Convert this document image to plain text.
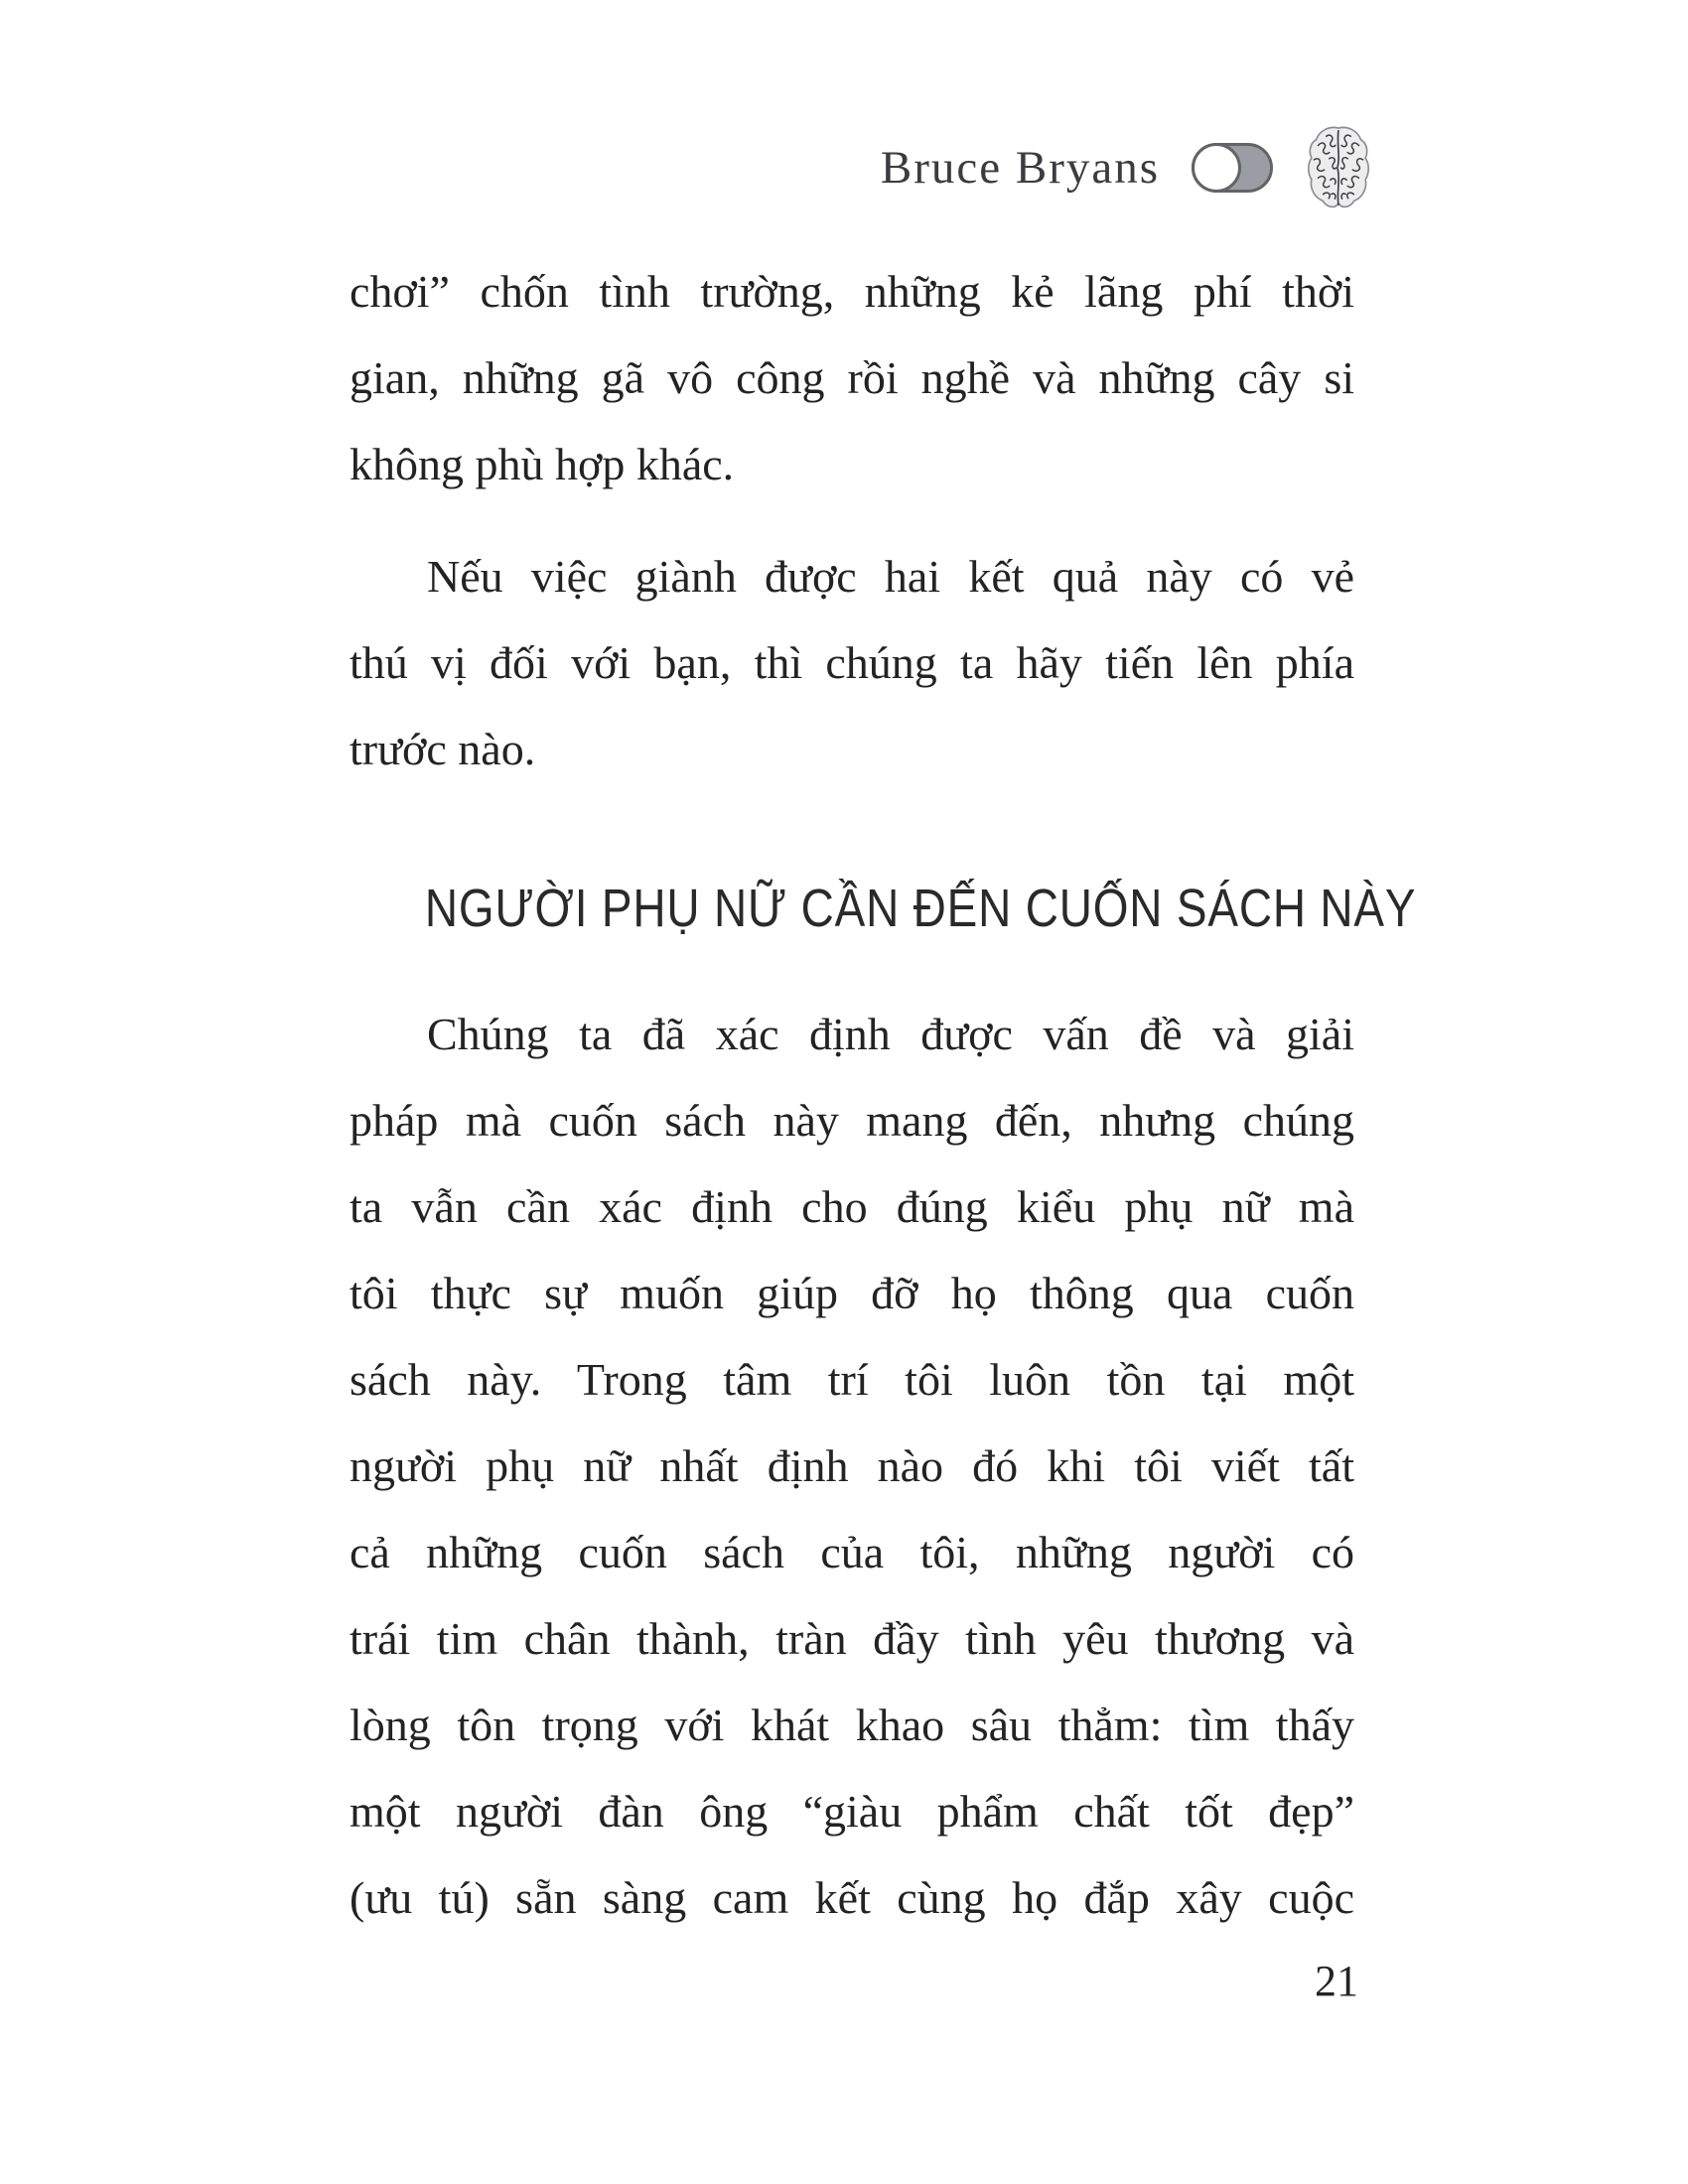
Bruce Bryans
chơi” chốn tình trường, những kẻ lãng phí thời
gian, những gã vô công rồi nghề và những cây si
không phù hợp khác.
Nếu việc giành được hai kết quả này có vẻ
thú vị đối với bạn, thì chúng ta hãy tiến lên phía
trước nào.
NGƯỜI PHỤ NỮ CẦN ĐẾN CUỐN SÁCH NÀY
Chúng ta đã xác định được vấn đề và giải
pháp mà cuốn sách này mang đến, nhưng chúng
ta vẫn cần xác định cho đúng kiểu phụ nữ mà
tôi thực sự muốn giúp đỡ họ thông qua cuốn
sách này. Trong tâm trí tôi luôn tồn tại một
người phụ nữ nhất định nào đó khi tôi viết tất
cả những cuốn sách của tôi, những người có
trái tim chân thành, tràn đầy tình yêu thương và
lòng tôn trọng với khát khao sâu thẳm: tìm thấy
một người đàn ông “giàu phẩm chất tốt đẹp”
(ưu tú) sẵn sàng cam kết cùng họ đắp xây cuộc
21
